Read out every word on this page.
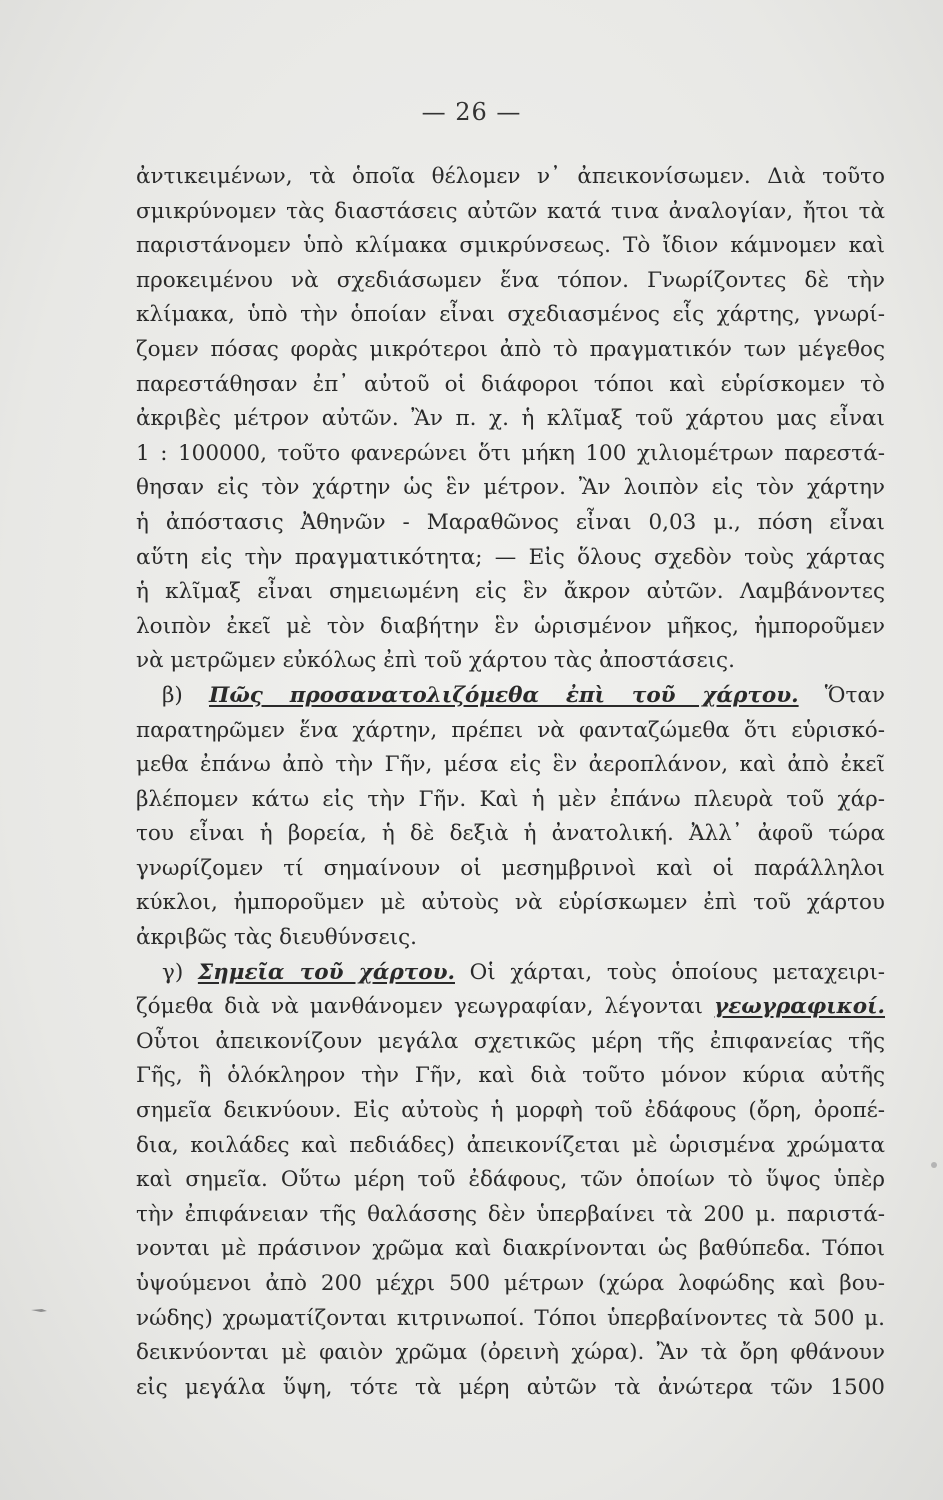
— 26 —
ἀντικειμένων, τὰ ὁποῖα θέλομεν ν᾽ ἀπεικονίσωμεν. Διὰ τοῦτο
σμικρύνομεν τὰς διαστάσεις αὐτῶν κατά τινα ἀναλογίαν, ἤτοι τὰ
παριστάνομεν ὑπὸ κλίμακα σμικρύνσεως. Τὸ ἴδιον κάμνομεν καὶ
προκειμένου νὰ σχεδιάσωμεν ἕνα τόπον. Γνωρίζοντες δὲ τὴν
κλίμακα, ὑπὸ τὴν ὁποίαν εἶναι σχεδιασμένος εἷς χάρτης, γνωρί-
ζομεν πόσας φορὰς μικρότεροι ἀπὸ τὸ πραγματικόν των μέγεθος
παρεστάθησαν ἐπ᾽ αὐτοῦ οἱ διάφοροι τόποι καὶ εὑρίσκομεν τὸ
ἀκριβὲς μέτρον αὐτῶν. Ἂν π. χ. ἡ κλῖμαξ τοῦ χάρτου μας εἶναι
1 : 100000, τοῦτο φανερώνει ὅτι μήκη 100 χιλιομέτρων παρεστά-
θησαν εἰς τὸν χάρτην ὡς ἓν μέτρον. Ἂν λοιπὸν εἰς τὸν χάρτην
ἡ ἀπόστασις Ἀθηνῶν - Μαραθῶνος εἶναι 0,03 μ., πόση εἶναι
αὕτη εἰς τὴν πραγματικότητα; — Εἰς ὅλους σχεδὸν τοὺς χάρτας
ἡ κλῖμαξ εἶναι σημειωμένη εἰς ἓν ἄκρον αὐτῶν. Λαμβάνοντες
λοιπὸν ἐκεῖ μὲ τὸν διαβήτην ἓν ὡρισμένον μῆκος, ἠμποροῦμεν
νὰ μετρῶμεν εὐκόλως ἐπὶ τοῦ χάρτου τὰς ἀποστάσεις.
β) Πῶς προσανατολιζόμεθα ἐπὶ τοῦ χάρτου. Ὅταν
παρατηρῶμεν ἕνα χάρτην, πρέπει νὰ φανταζώμεθα ὅτι εὑρισκό-
μεθα ἐπάνω ἀπὸ τὴν Γῆν, μέσα εἰς ἓν ἀεροπλάνον, καὶ ἀπὸ ἐκεῖ
βλέπομεν κάτω εἰς τὴν Γῆν. Καὶ ἡ μὲν ἐπάνω πλευρὰ τοῦ χάρ-
του εἶναι ἡ βορεία, ἡ δὲ δεξιὰ ἡ ἀνατολική. Ἀλλ᾽ ἀφοῦ τώρα
γνωρίζομεν τί σημαίνουν οἱ μεσημβρινοὶ καὶ οἱ παράλληλοι
κύκλοι, ἠμποροῦμεν μὲ αὐτοὺς νὰ εὑρίσκωμεν ἐπὶ τοῦ χάρτου
ἀκριβῶς τὰς διευθύνσεις.
γ) Σημεῖα τοῦ χάρτου. Οἱ χάρται, τοὺς ὁποίους μεταχειρι-
ζόμεθα διὰ νὰ μανθάνομεν γεωγραφίαν, λέγονται γεωγραφικοί.
Οὗτοι ἀπεικονίζουν μεγάλα σχετικῶς μέρη τῆς ἐπιφανείας τῆς
Γῆς, ἢ ὁλόκληρον τὴν Γῆν, καὶ διὰ τοῦτο μόνον κύρια αὐτῆς
σημεῖα δεικνύουν. Εἰς αὐτοὺς ἡ μορφὴ τοῦ ἐδάφους (ὄρη, ὀροπέ-
δια, κοιλάδες καὶ πεδιάδες) ἀπεικονίζεται μὲ ὡρισμένα χρώματα
καὶ σημεῖα. Οὕτω μέρη τοῦ ἐδάφους, τῶν ὁποίων τὸ ὕψος ὑπὲρ
τὴν ἐπιφάνειαν τῆς θαλάσσης δὲν ὑπερβαίνει τὰ 200 μ. παριστά-
νονται μὲ πράσινον χρῶμα καὶ διακρίνονται ὡς βαθύπεδα. Τόποι
ὑψούμενοι ἀπὸ 200 μέχρι 500 μέτρων (χώρα λοφώδης καὶ βου-
νώδης) χρωματίζονται κιτρινωποί. Τόποι ὑπερβαίνοντες τὰ 500 μ.
δεικνύονται μὲ φαιὸν χρῶμα (ὀρεινὴ χώρα). Ἂν τὰ ὄρη φθάνουν
εἰς μεγάλα ὕψη, τότε τὰ μέρη αὐτῶν τὰ ἀνώτερα τῶν 1500
